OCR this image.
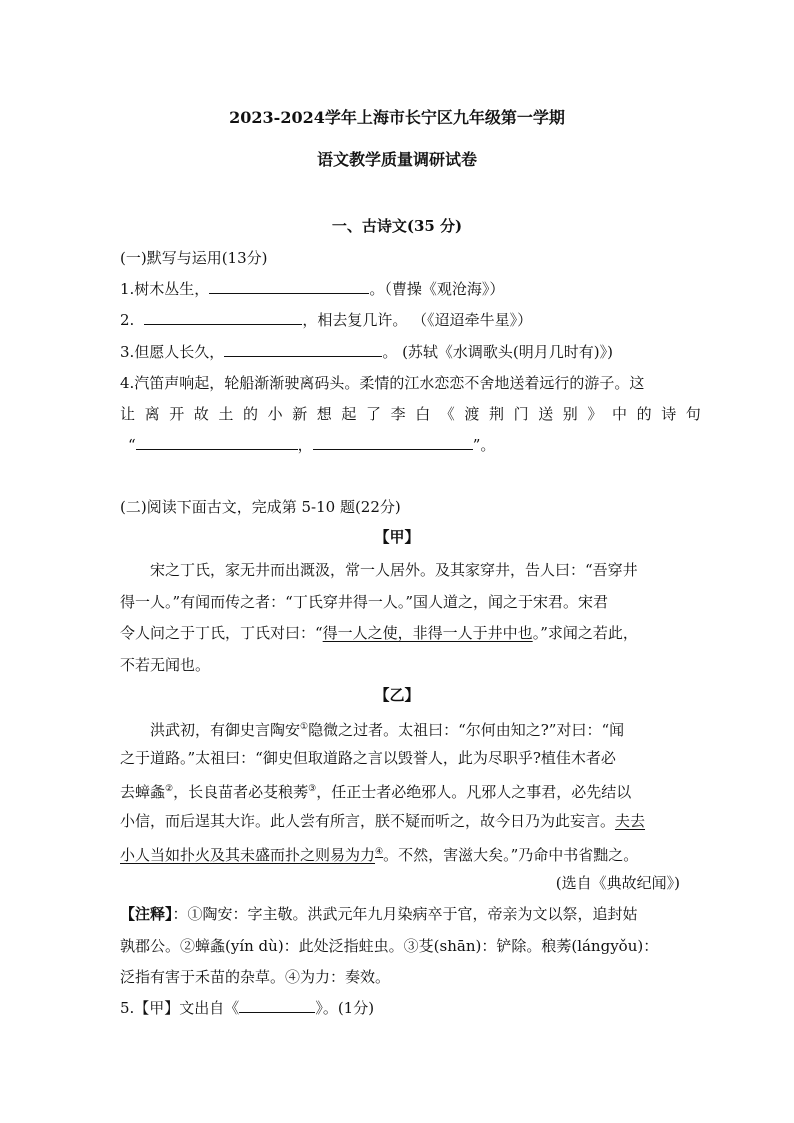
2023-2024学年上海市长宁区九年级第一学期
语文教学质量调研试卷
一、古诗文(35 分)
(一)默写与运用(13分)
1.树木丛生，	。（曹操《观沧海》）
2.	，相去复几许。 （《迢迢牵牛星》）
3.但愿人长久，	。 (苏轼《水调歌头(明月几时有)》)
4.汽笛声响起，轮船渐渐驶离码头。柔情的江水恋恋不舍地送着远行的游子。这
让离开故土的小新想起了李白《渡荆门送别》中的诗句
“	，	”。
(二)阅读下面古文，完成第 5-10 题(22分)
【甲】
宋之丁氏，家无井而出溉汲，常一人居外。及其家穿井，告人曰：“吾穿井
得一人。”有闻而传之者：“丁氏穿井得一人。”国人道之，闻之于宋君。宋君
令人问之于丁氏，丁氏对曰：“得一人之使，非得一人于井中也。”求闻之若此，
不若无闻也。
【乙】
洪武初，有御史言陶安①隐微之过者。太祖曰：“尔何由知之?”对曰：“闻
之于道路。”太祖曰：“御史但取道路之言以毁誉人，此为尽职乎?植佳木者必
去蟑螽②，长良苗者必芟稂莠③，任正士者必绝邪人。凡邪人之事君，必先结以
小信，而后逞其大诈。此人尝有所言，朕不疑而听之，故今日乃为此妄言。夫去
小人当如扑火及其未盛而扑之则易为力④。不然，害滋大矣。”乃命中书省黜之。
(选自《典故纪闻》)
【注释】：①陶安：字主敬。洪武元年九月染病卒于官，帝亲为文以祭，追封姑
孰郡公。②蟑螽(yín dù)：此处泛指蛀虫。③芟(shān)：铲除。稂莠(lángyǒu)：
泛指有害于禾苗的杂草。④为力：奏效。
5.【甲】文出自《	》。(1分)
